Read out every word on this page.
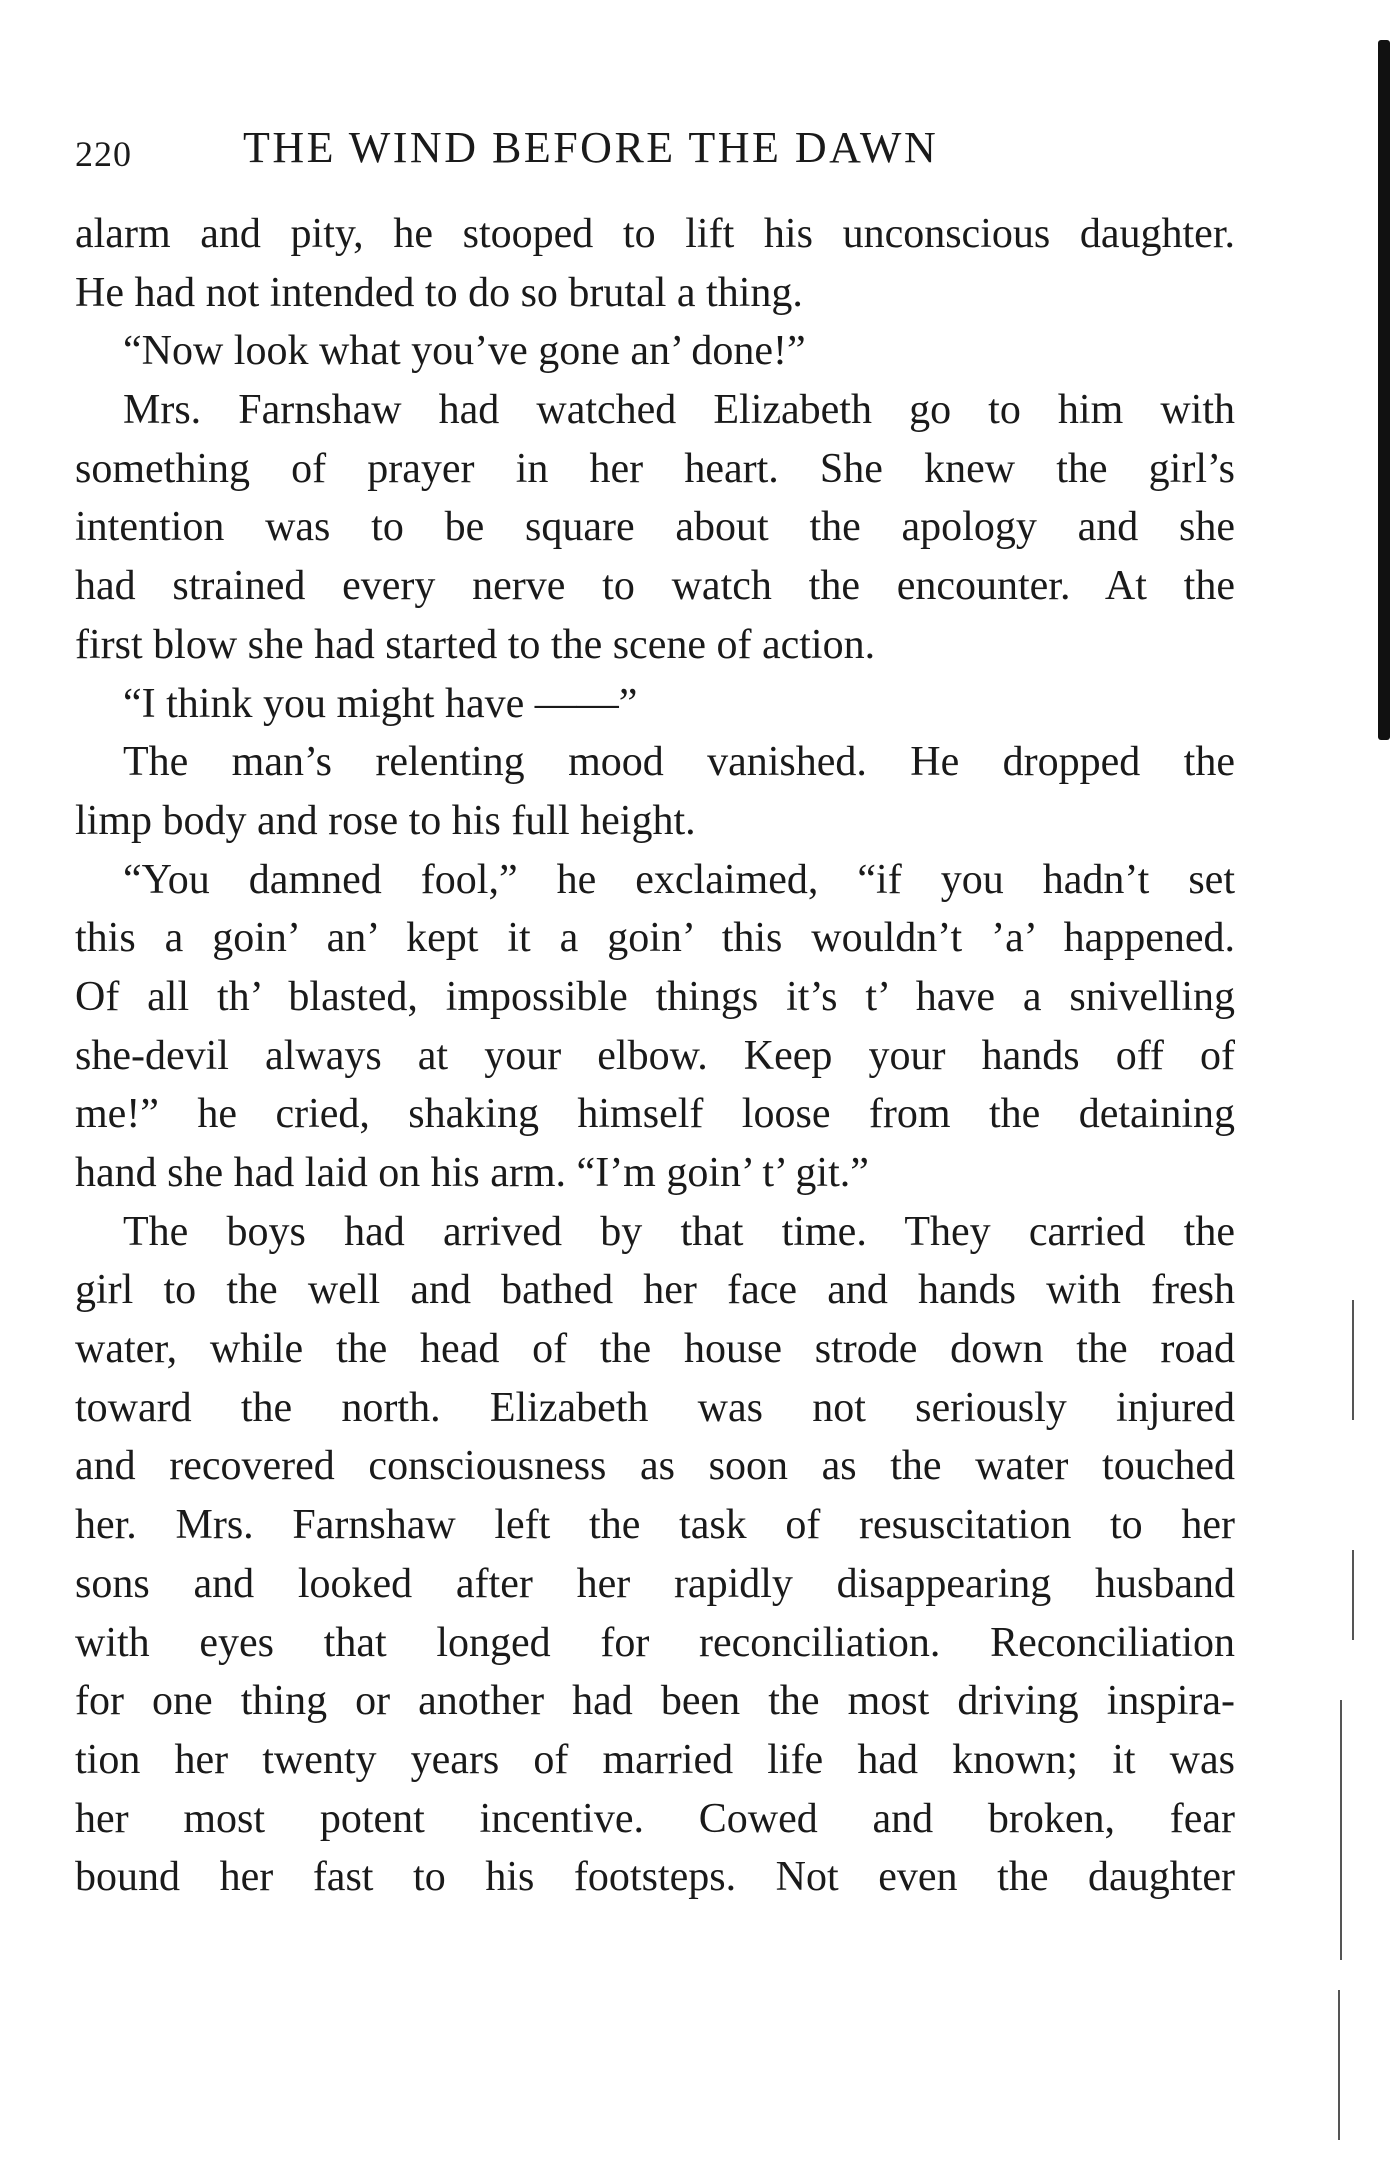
220	THE WIND BEFORE THE DAWN
alarm and pity, he stooped to lift his unconscious daughter.
He had not intended to do so brutal a thing.
“Now look what you’ve gone an’ done!”
Mrs. Farnshaw had watched Elizabeth go to him with
something of prayer in her heart. She knew the girl’s
intention was to be square about the apology and she
had strained every nerve to watch the encounter. At the
first blow she had started to the scene of action.
“I think you might have ——”
The man’s relenting mood vanished. He dropped the
limp body and rose to his full height.
“You damned fool,” he exclaimed, “if you hadn’t set
this a goin’ an’ kept it a goin’ this wouldn’t ’a’ happened.
Of all th’ blasted, impossible things it’s t’ have a snivelling
she-devil always at your elbow. Keep your hands off of
me!” he cried, shaking himself loose from the detaining
hand she had laid on his arm. “I’m goin’ t’ git.”
The boys had arrived by that time. They carried the
girl to the well and bathed her face and hands with fresh
water, while the head of the house strode down the road
toward the north. Elizabeth was not seriously injured
and recovered consciousness as soon as the water touched
her. Mrs. Farnshaw left the task of resuscitation to her
sons and looked after her rapidly disappearing husband
with eyes that longed for reconciliation. Reconciliation
for one thing or another had been the most driving inspira-
tion her twenty years of married life had known; it was
her most potent incentive. Cowed and broken, fear
bound her fast to his footsteps. Not even the daughter
